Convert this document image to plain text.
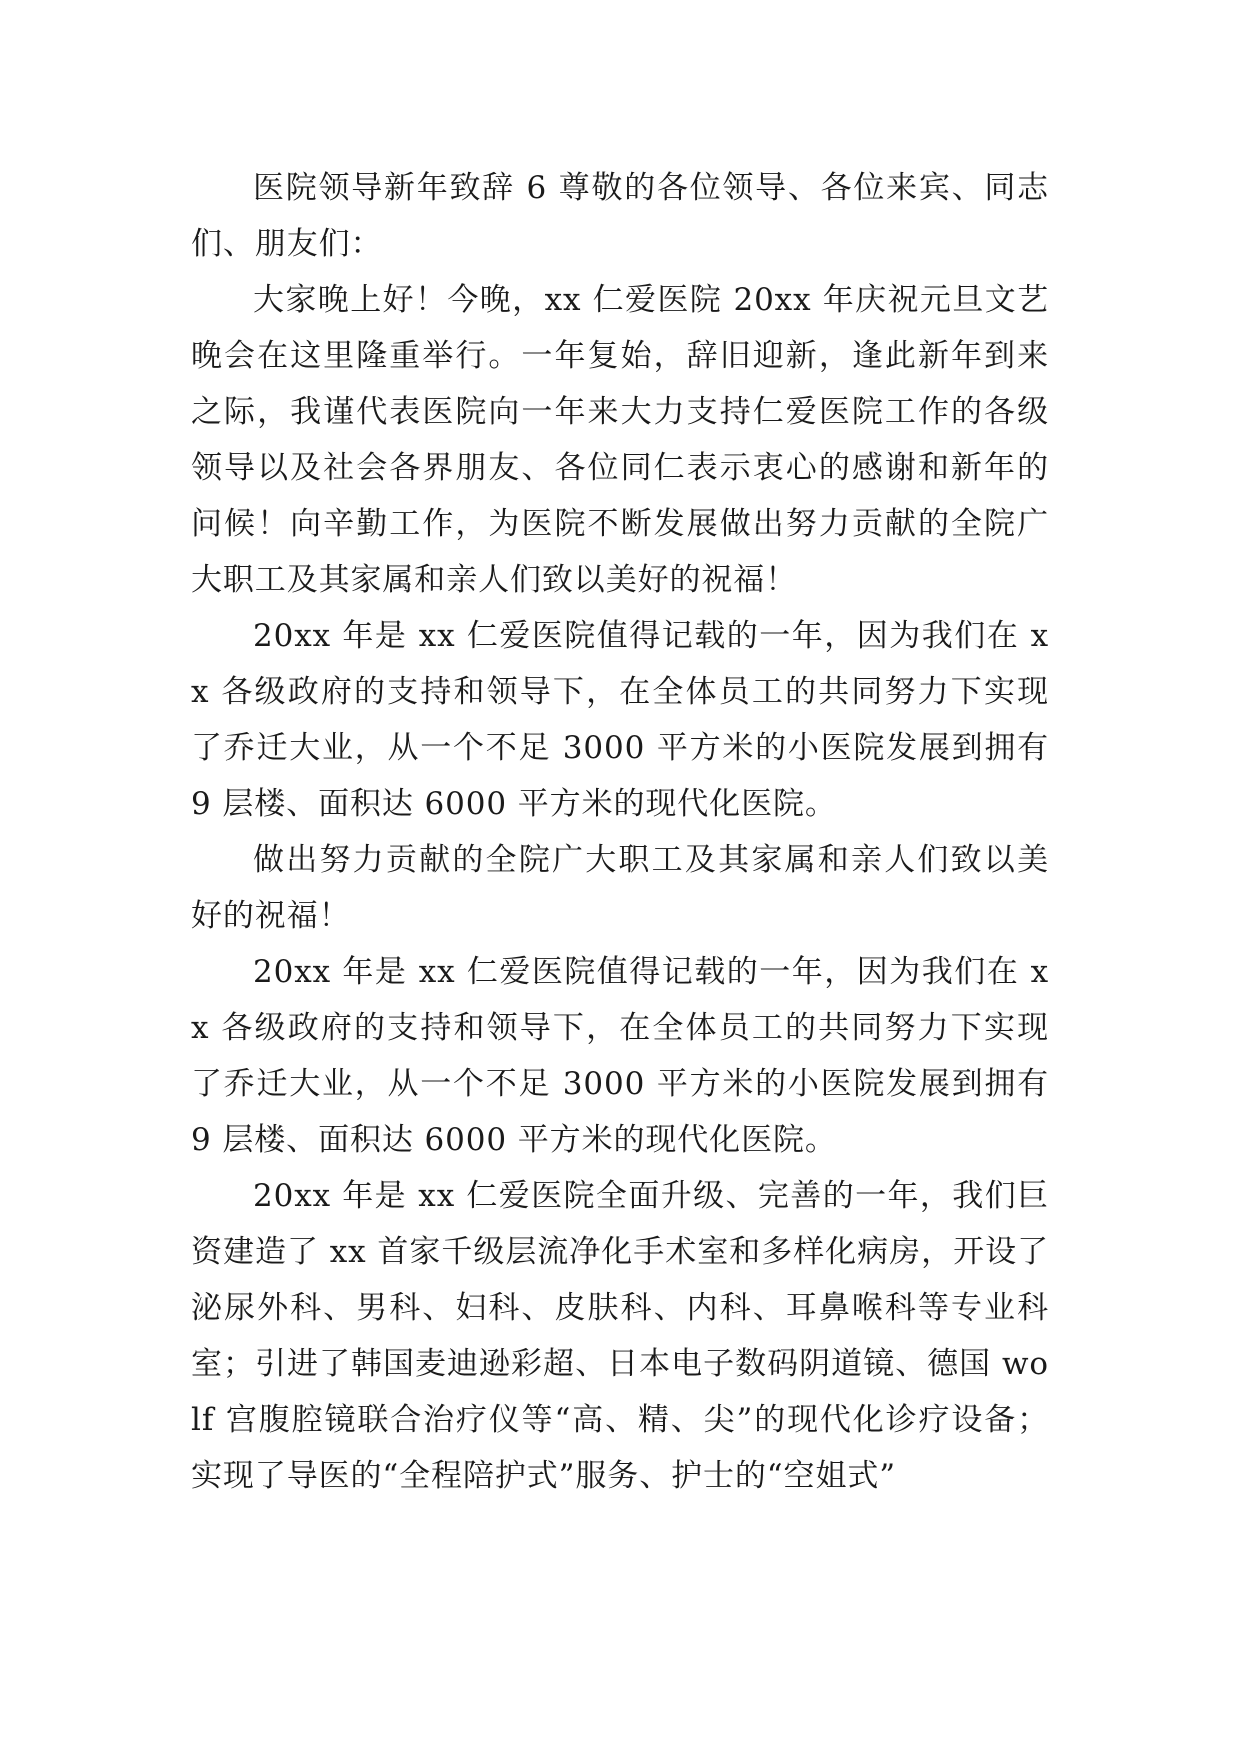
医院领导新年致辞 6 尊敬的各位领导、各位来宾、同志们、朋友们：

大家晚上好！今晚，xx 仁爱医院 20xx 年庆祝元旦文艺晚会在这里隆重举行。一年复始，辞旧迎新，逢此新年到来之际，我谨代表医院向一年来大力支持仁爱医院工作的各级领导以及社会各界朋友、各位同仁表示衷心的感谢和新年的问候！向辛勤工作，为医院不断发展做出努力贡献的全院广大职工及其家属和亲人们致以美好的祝福！

20xx 年是 xx 仁爱医院值得记载的一年，因为我们在 xx 各级政府的支持和领导下，在全体员工的共同努力下实现了乔迁大业，从一个不足 3000 平方米的小医院发展到拥有 9 层楼、面积达 6000 平方米的现代化医院。

做出努力贡献的全院广大职工及其家属和亲人们致以美好的祝福！

20xx 年是 xx 仁爱医院值得记载的一年，因为我们在 xx 各级政府的支持和领导下，在全体员工的共同努力下实现了乔迁大业，从一个不足 3000 平方米的小医院发展到拥有 9 层楼、面积达 6000 平方米的现代化医院。

20xx 年是 xx 仁爱医院全面升级、完善的一年，我们巨资建造了 xx 首家千级层流净化手术室和多样化病房，开设了泌尿外科、男科、妇科、皮肤科、内科、耳鼻喉科等专业科室；引进了韩国麦迪逊彩超、日本电子数码阴道镜、德国 wolf 宫腹腔镜联合治疗仪等“高、精、尖”的现代化诊疗设备；实现了导医的“全程陪护式”服务、护士的“空姐式”
